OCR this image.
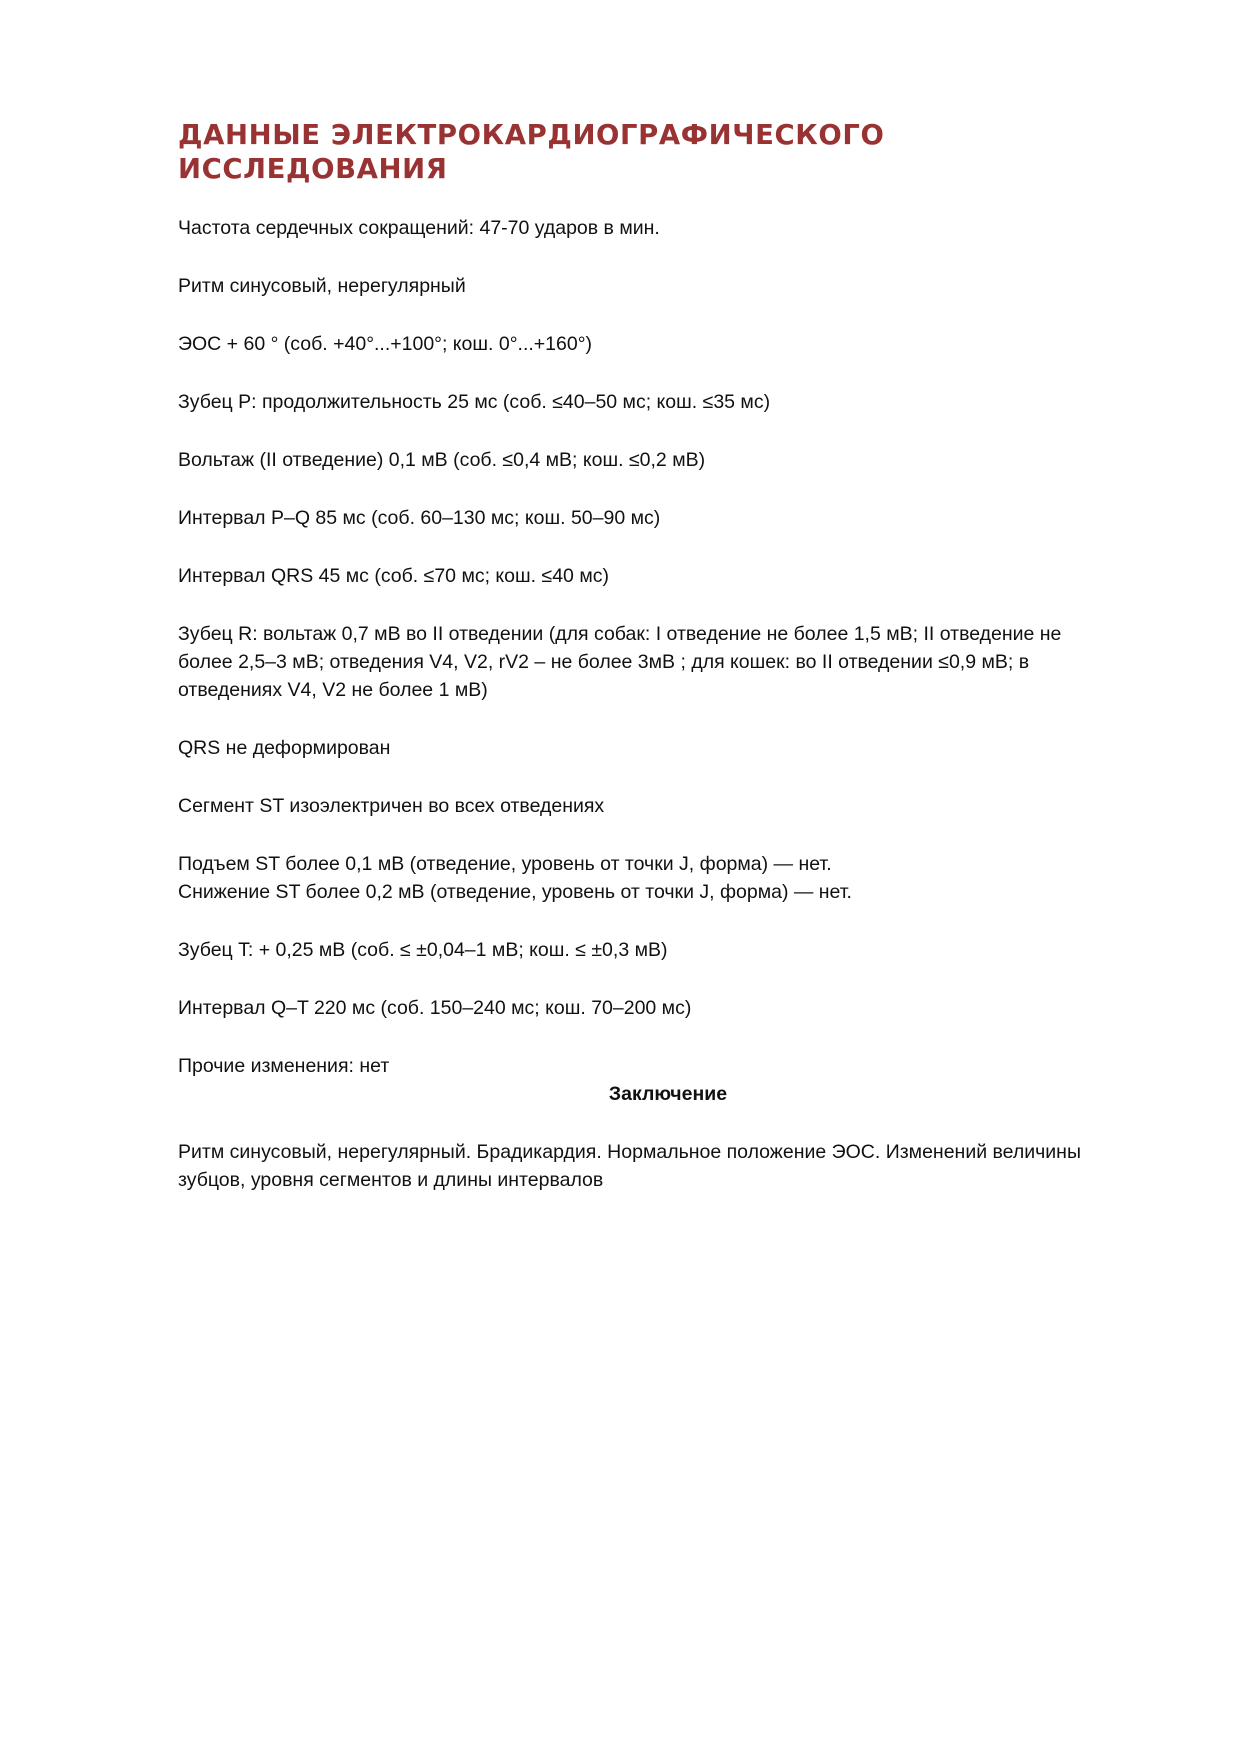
ДАННЫЕ ЭЛЕКТРОКАРДИОГРАФИЧЕСКОГО
ИССЛЕДОВАНИЯ

Частота сердечных сокращений: 47-70 ударов в мин.

Ритм синусовый, нерегулярный

ЭОС + 60 ° (соб. +40°...+100°; кош. 0°...+160°)

Зубец P: продолжительность 25 мс (соб. ≤40–50 мс; кош. ≤35 мс)

Вольтаж (II отведение) 0,1 мВ (соб. ≤0,4 мВ; кош. ≤0,2 мВ)

Интервал P–Q 85 мс (соб. 60–130 мс; кош. 50–90 мс)

Интервал QRS 45 мс (соб. ≤70 мс; кош. ≤40 мс)

Зубец R: вольтаж 0,7 мВ во II отведении (для собак: I отведение не более 1,5 мВ; II отведение не
более 2,5–3 мВ; отведения V4, V2, rV2 – не более 3мВ ; для кошек: во II отведении ≤0,9 мВ; в
отведениях V4, V2 не более 1 мВ)

QRS не деформирован

Сегмент ST изоэлектричен во всех отведениях

Подъем ST более 0,1 мВ (отведение, уровень от точки J, форма) — нет.
Снижение ST более 0,2 мВ (отведение, уровень от точки J, форма) — нет.

Зубец T: + 0,25 мВ (соб. ≤ ±0,04–1 мВ; кош. ≤ ±0,3 мВ)

Интервал Q–T 220 мс (соб. 150–240 мс; кош. 70–200 мс)

Прочие изменения: нет

Заключение

Ритм синусовый, нерегулярный. Брадикардия. Нормальное положение ЭОС. Изменений величины
зубцов, уровня сегментов и длины интервалов
